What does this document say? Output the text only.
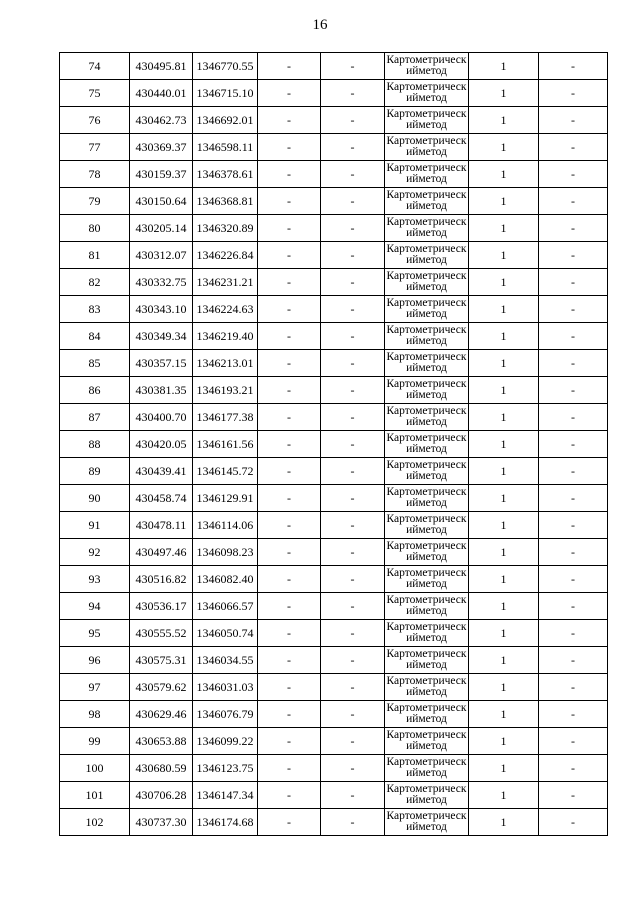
16
74	430495.81	1346770.55	-	-	Картометрическийметод	1	-
75	430440.01	1346715.10	-	-	Картометрическийметод	1	-
76	430462.73	1346692.01	-	-	Картометрическийметод	1	-
77	430369.37	1346598.11	-	-	Картометрическийметод	1	-
78	430159.37	1346378.61	-	-	Картометрическийметод	1	-
79	430150.64	1346368.81	-	-	Картометрическийметод	1	-
80	430205.14	1346320.89	-	-	Картометрическийметод	1	-
81	430312.07	1346226.84	-	-	Картометрическийметод	1	-
82	430332.75	1346231.21	-	-	Картометрическийметод	1	-
83	430343.10	1346224.63	-	-	Картометрическийметод	1	-
84	430349.34	1346219.40	-	-	Картометрическийметод	1	-
85	430357.15	1346213.01	-	-	Картометрическийметод	1	-
86	430381.35	1346193.21	-	-	Картометрическийметод	1	-
87	430400.70	1346177.38	-	-	Картометрическийметод	1	-
88	430420.05	1346161.56	-	-	Картометрическийметод	1	-
89	430439.41	1346145.72	-	-	Картометрическийметод	1	-
90	430458.74	1346129.91	-	-	Картометрическийметод	1	-
91	430478.11	1346114.06	-	-	Картометрическийметод	1	-
92	430497.46	1346098.23	-	-	Картометрическийметод	1	-
93	430516.82	1346082.40	-	-	Картометрическийметод	1	-
94	430536.17	1346066.57	-	-	Картометрическийметод	1	-
95	430555.52	1346050.74	-	-	Картометрическийметод	1	-
96	430575.31	1346034.55	-	-	Картометрическийметод	1	-
97	430579.62	1346031.03	-	-	Картометрическийметод	1	-
98	430629.46	1346076.79	-	-	Картометрическийметод	1	-
99	430653.88	1346099.22	-	-	Картометрическийметод	1	-
100	430680.59	1346123.75	-	-	Картометрическийметод	1	-
101	430706.28	1346147.34	-	-	Картометрическийметод	1	-
102	430737.30	1346174.68	-	-	Картометрическийметод	1	-
